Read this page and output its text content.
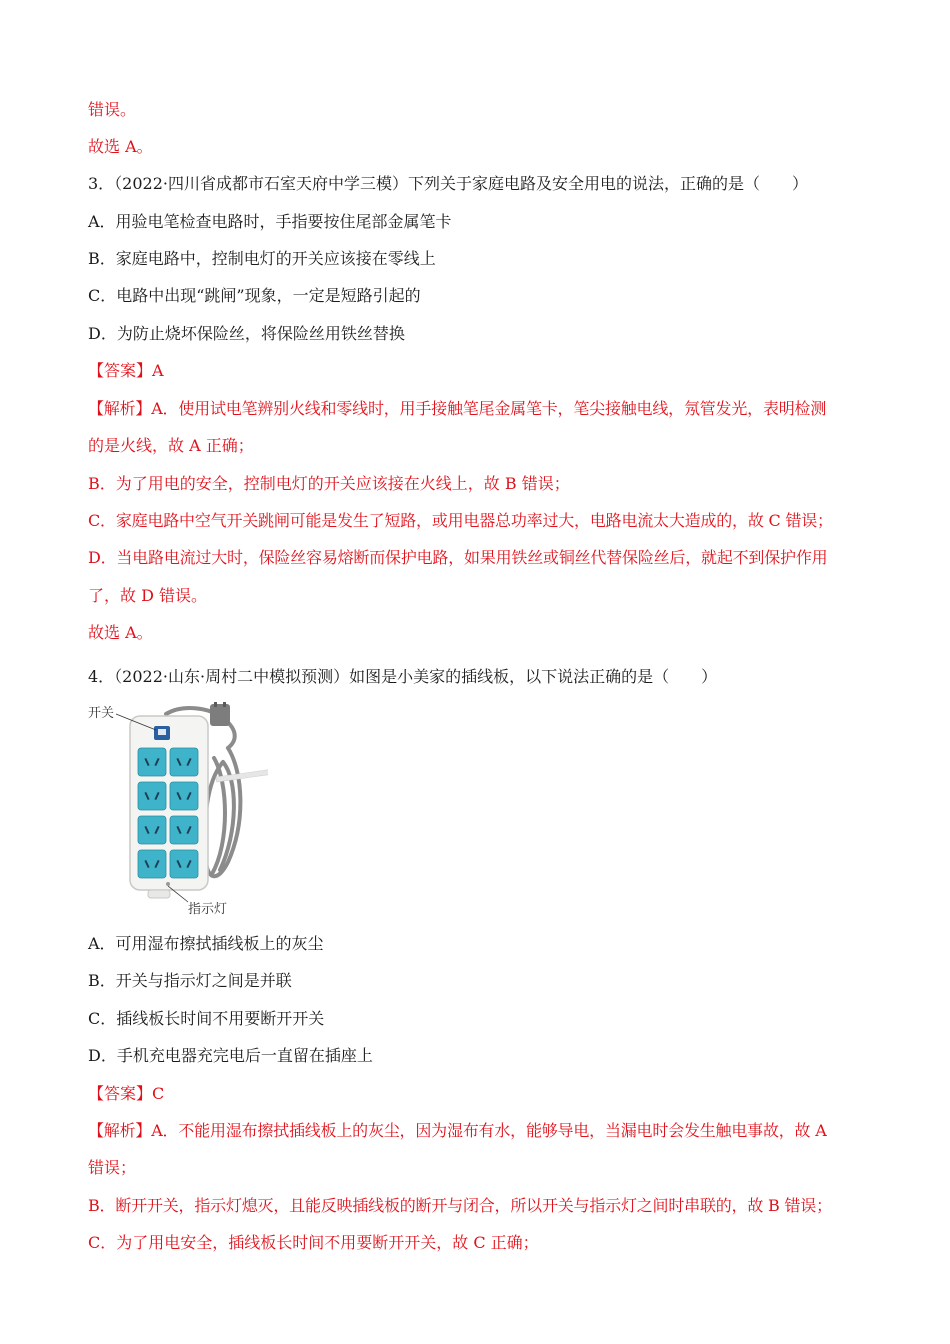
错误。
故选 A。
3．（2022·四川省成都市石室天府中学三模）下列关于家庭电路及安全用电的说法，正确的是（　　）
A．用验电笔检查电路时，手指要按住尾部金属笔卡
B．家庭电路中，控制电灯的开关应该接在零线上
C．电路中出现“跳闸”现象，一定是短路引起的
D．为防止烧坏保险丝，将保险丝用铁丝替换
【答案】A
【解析】A．使用试电笔辨别火线和零线时，用手接触笔尾金属笔卡，笔尖接触电线，氖管发光，表明检测
的是火线，故 A 正确；
B．为了用电的安全，控制电灯的开关应该接在火线上，故 B 错误；
C．家庭电路中空气开关跳闸可能是发生了短路，或用电器总功率过大，电路电流太大造成的，故 C 错误；
D．当电路电流过大时，保险丝容易熔断而保护电路，如果用铁丝或铜丝代替保险丝后，就起不到保护作用
了，故 D 错误。
故选 A。
4．（2022·山东·周村二中模拟预测）如图是小美家的插线板，以下说法正确的是（　　）
开关
指示灯
A．可用湿布擦拭插线板上的灰尘
B．开关与指示灯之间是并联
C．插线板长时间不用要断开开关
D．手机充电器充完电后一直留在插座上
【答案】C
【解析】A．不能用湿布擦拭插线板上的灰尘，因为湿布有水，能够导电，当漏电时会发生触电事故，故 A
错误；
B．断开开关，指示灯熄灭，且能反映插线板的断开与闭合，所以开关与指示灯之间时串联的，故 B 错误；
C．为了用电安全，插线板长时间不用要断开开关，故 C 正确；
